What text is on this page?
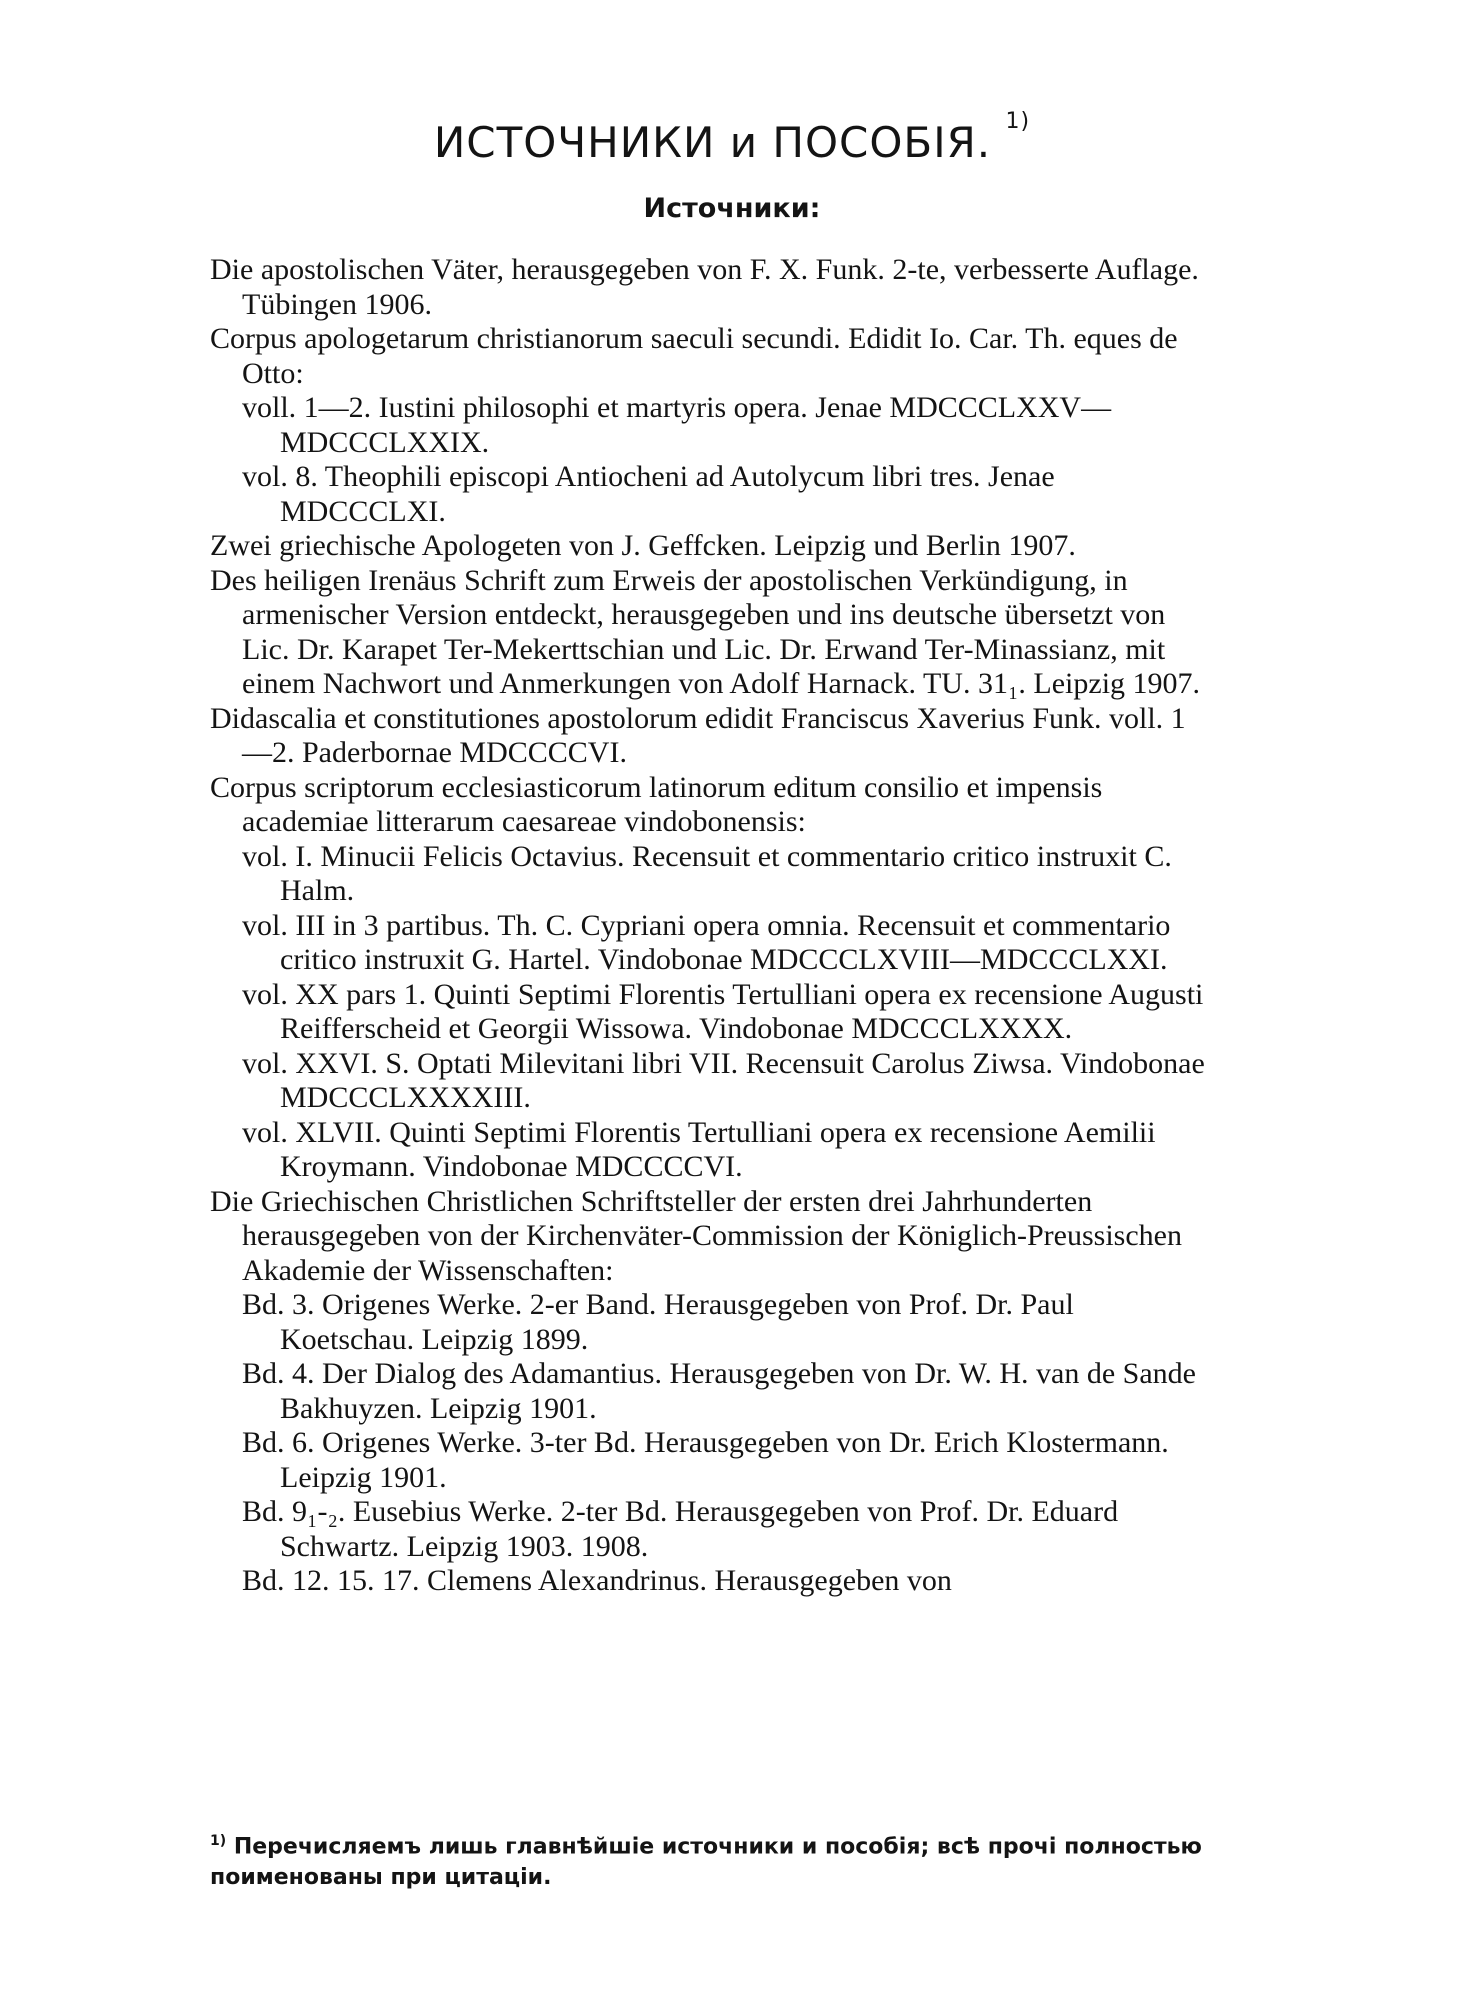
ИСТОЧНИКИ и ПОСОБІЯ. $^{1)}$
Источники:

Die apostolischen Väter, herausgegeben von F. X. Funk. 2-te, verbesserte Auflage. Tübingen 1906.

Corpus apologetarum christianorum saeculi secundi. Edidit Io. Car. Th. eques de Otto:

voll. 1—2. Iustini philosophi et martyris opera. Jenae MDCCCLXXV—MDCCCLXXIX.

vol. 8. Theophili episcopi Antiocheni ad Autolycum libri tres. Jenae MDCCCLXI.

Zwei griechische Apologeten von J. Geffcken. Leipzig und Berlin 1907.

Des heiligen Irenäus Schrift zum Erweis der apostolischen Verkündigung, in armenischer Version entdeckt, herausgegeben und ins deutsche übersetzt von Lic. Dr. Karapet Ter-Mekerttschian und Lic. Dr. Erwand Ter-Minassianz, mit einem Nachwort und Anmerkungen von Adolf Harnack. TU. 31₁. Leipzig 1907.

Didascalia et constitutiones apostolorum edidit Franciscus Xaverius Funk. voll. 1—2. Paderbornae MDCCCCVI.

Corpus scriptorum ecclesiasticorum latinorum editum consilio et impensis academiae litterarum caesareae vindobonensis:

vol. I. Minucii Felicis Octavius. Recensuit et commentario critico instruxit C. Halm.

vol. III in 3 partibus. Th. C. Cypriani opera omnia. Recensuit et commentario critico instruxit G. Hartel. Vindobonae MDCCCLXVIII—MDCCCLXXI.

vol. XX pars 1. Quinti Septimi Florentis Tertulliani opera ex recensione Augusti Reifferscheid et Georgii Wissowa. Vindobonae MDCCCLXXXX.

vol. XXVI. S. Optati Milevitani libri VII. Recensuit Carolus Ziwsa. Vindobonae MDCCCLXXXXIII.

vol. XLVII. Quinti Septimi Florentis Tertulliani opera ex recensione Aemilii Kroymann. Vindobonae MDCCCCVI.

Die Griechischen Christlichen Schriftsteller der ersten drei Jahrhunderten herausgegeben von der Kirchenväter-Commission der Königlich-Preussischen Akademie der Wissenschaften:

Bd. 3. Origenes Werke. 2-er Band. Herausgegeben von Prof. Dr. Paul Koetschau. Leipzig 1899.

Bd. 4. Der Dialog des Adamantius. Herausgegeben von Dr. W. H. van de Sande Bakhuyzen. Leipzig 1901.

Bd. 6. Origenes Werke. 3-ter Bd. Herausgegeben von Dr. Erich Klostermann. Leipzig 1901.

Bd. 9₁-₂. Eusebius Werke. 2-ter Bd. Herausgegeben von Prof. Dr. Eduard Schwartz. Leipzig 1903. 1908.

Bd. 12. 15. 17. Clemens Alexandrinus. Herausgegeben von

$^{1)}$ Перечисляемъ лишь главнѣйшіе источники и пособія; всѣ прочі полностью поименованы при цитаціи.
